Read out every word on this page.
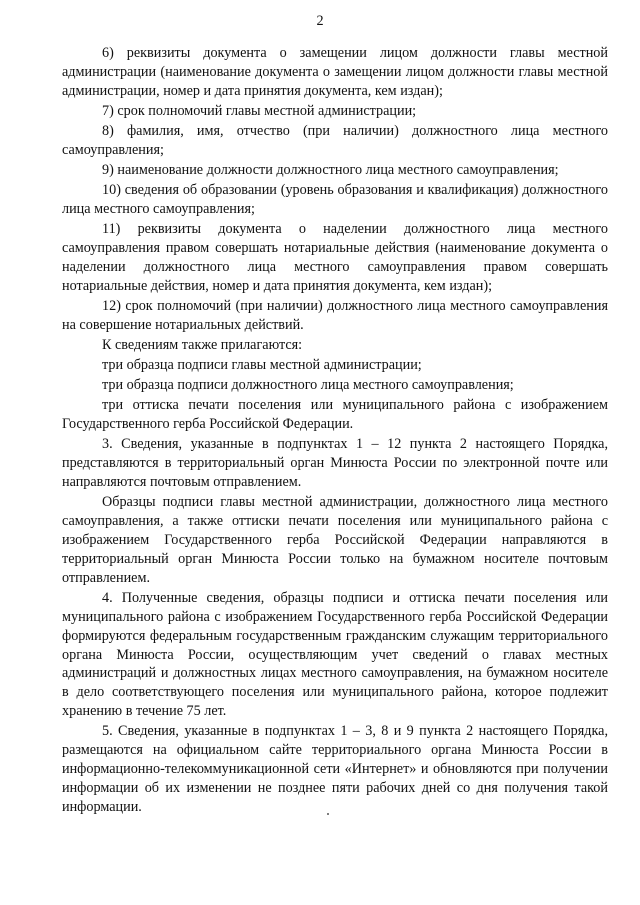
2

6) реквизиты документа о замещении лицом должности главы местной администрации (наименование документа о замещении лицом должности главы местной администрации, номер и дата принятия документа, кем издан);

7) срок полномочий главы местной администрации;

8) фамилия, имя, отчество (при наличии) должностного лица местного самоуправления;

9) наименование должности должностного лица местного самоуправления;

10) сведения об образовании (уровень образования и квалификация) должностного лица местного самоуправления;

11) реквизиты документа о наделении должностного лица местного самоуправления правом совершать нотариальные действия (наименование документа о наделении должностного лица местного самоуправления правом совершать нотариальные действия, номер и дата принятия документа, кем издан);

12) срок полномочий (при наличии) должностного лица местного самоуправления на совершение нотариальных действий.

К сведениям также прилагаются:

три образца подписи главы местной администрации;

три образца подписи должностного лица местного самоуправления;

три оттиска печати поселения или муниципального района с изображением Государственного герба Российской Федерации.

3. Сведения, указанные в подпунктах 1 – 12 пункта 2 настоящего Порядка, представляются в территориальный орган Минюста России по электронной почте или направляются почтовым отправлением.

Образцы подписи главы местной администрации, должностного лица местного самоуправления, а также оттиски печати поселения или муниципального района с изображением Государственного герба Российской Федерации направляются в территориальный орган Минюста России только на бумажном носителе почтовым отправлением.

4. Полученные сведения, образцы подписи и оттиска печати поселения или муниципального района с изображением Государственного герба Российской Федерации формируются федеральным государственным гражданским служащим территориального органа Минюста России, осуществляющим учет сведений о главах местных администраций и должностных лицах местного самоуправления, на бумажном носителе в дело соответствующего поселения или муниципального района, которое подлежит хранению в течение 75 лет.

5. Сведения, указанные в подпунктах 1 – 3, 8 и 9 пункта 2 настоящего Порядка, размещаются на официальном сайте территориального органа Минюста России в информационно-телекоммуникационной сети «Интернет» и обновляются при получении информации об их изменении не позднее пяти рабочих дней со дня получения такой информации.
